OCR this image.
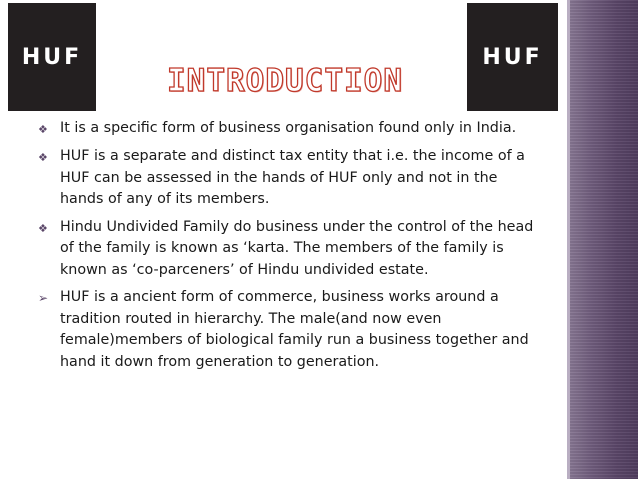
HUF	HUF
INTRODUCTION
❖ It is a specific form of business organisation found only in India.
❖ HUF is a separate and distinct tax entity that i.e. the income of a HUF can be assessed in the hands of HUF only and not in the hands of any of its members.
❖ Hindu Undivided Family do business under the control of the head of the family is known as ‘karta. The members of the family is known as ‘co-parceners’ of Hindu undivided estate.
➢ HUF is a ancient form of commerce, business works around a tradition routed in hierarchy. The male(and now even female)members of biological family run a business together and hand it down from generation to generation.
